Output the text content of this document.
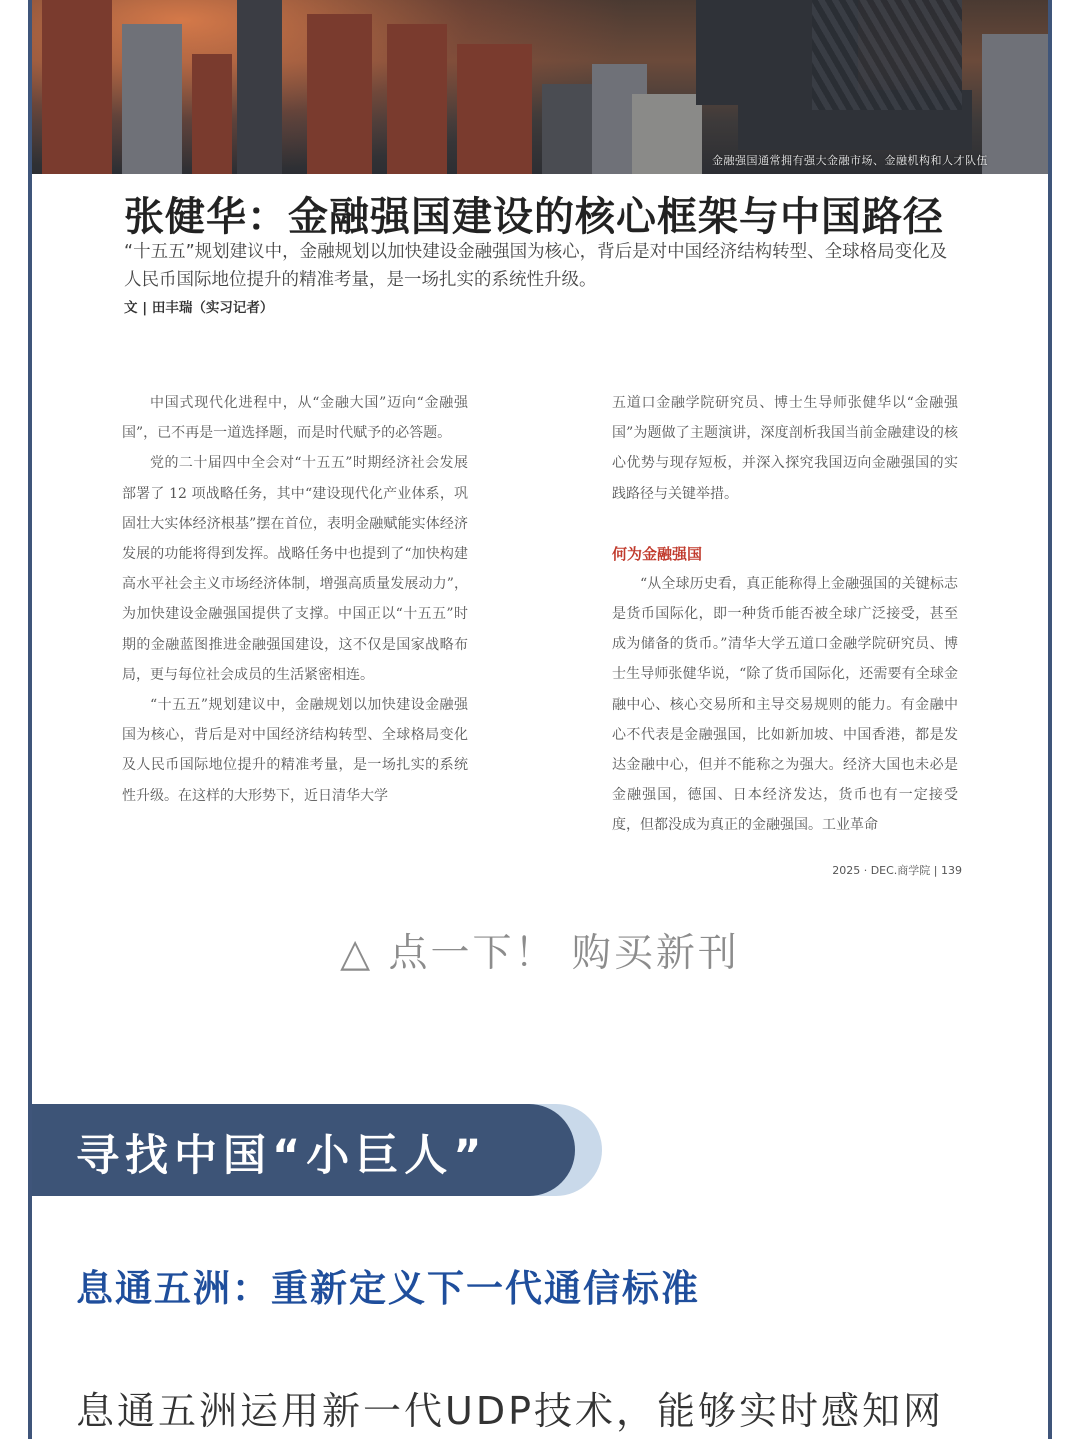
金融强国通常拥有强大金融市场、金融机构和人才队伍
张健华：金融强国建设的核心框架与中国路径
“十五五”规划建议中，金融规划以加快建设金融强国为核心，背后是对中国经济结构转型、全球格局变化及人民币国际地位提升的精准考量，是一场扎实的系统性升级。
文 | 田丰瑞（实习记者）

中国式现代化进程中，从“金融大国”迈向“金融强国”，已不再是一道选择题，而是时代赋予的必答题。

党的二十届四中全会对“十五五”时期经济社会发展部署了 12 项战略任务，其中“建设现代化产业体系，巩固壮大实体经济根基”摆在首位，表明金融赋能实体经济发展的功能将得到发挥。战略任务中也提到了“加快构建高水平社会主义市场经济体制，增强高质量发展动力”，为加快建设金融强国提供了支撑。中国正以“十五五”时期的金融蓝图推进金融强国建设，这不仅是国家战略布局，更与每位社会成员的生活紧密相连。

“十五五”规划建议中，金融规划以加快建设金融强国为核心，背后是对中国经济结构转型、全球格局变化及人民币国际地位提升的精准考量，是一场扎实的系统性升级。在这样的大形势下，近日清华大学

五道口金融学院研究员、博士生导师张健华以“金融强国”为题做了主题演讲，深度剖析我国当前金融建设的核心优势与现存短板，并深入探究我国迈向金融强国的实践路径与关键举措。

何为金融强国

“从全球历史看，真正能称得上金融强国的关键标志是货币国际化，即一种货币能否被全球广泛接受，甚至成为储备的货币。”清华大学五道口金融学院研究员、博士生导师张健华说，“除了货币国际化，还需要有全球金融中心、核心交易所和主导交易规则的能力。有金融中心不代表是金融强国，比如新加坡、中国香港，都是发达金融中心，但并不能称之为强大。经济大国也未必是金融强国，德国、日本经济发达，货币也有一定接受度，但都没成为真正的金融强国。工业革命

2025 · DEC.商学院 | 139
△ 点一下！ 购买新刊
寻找中国“小巨人”
息通五洲：重新定义下一代通信标准
息通五洲运用新一代UDP技术，能够实时感知网
